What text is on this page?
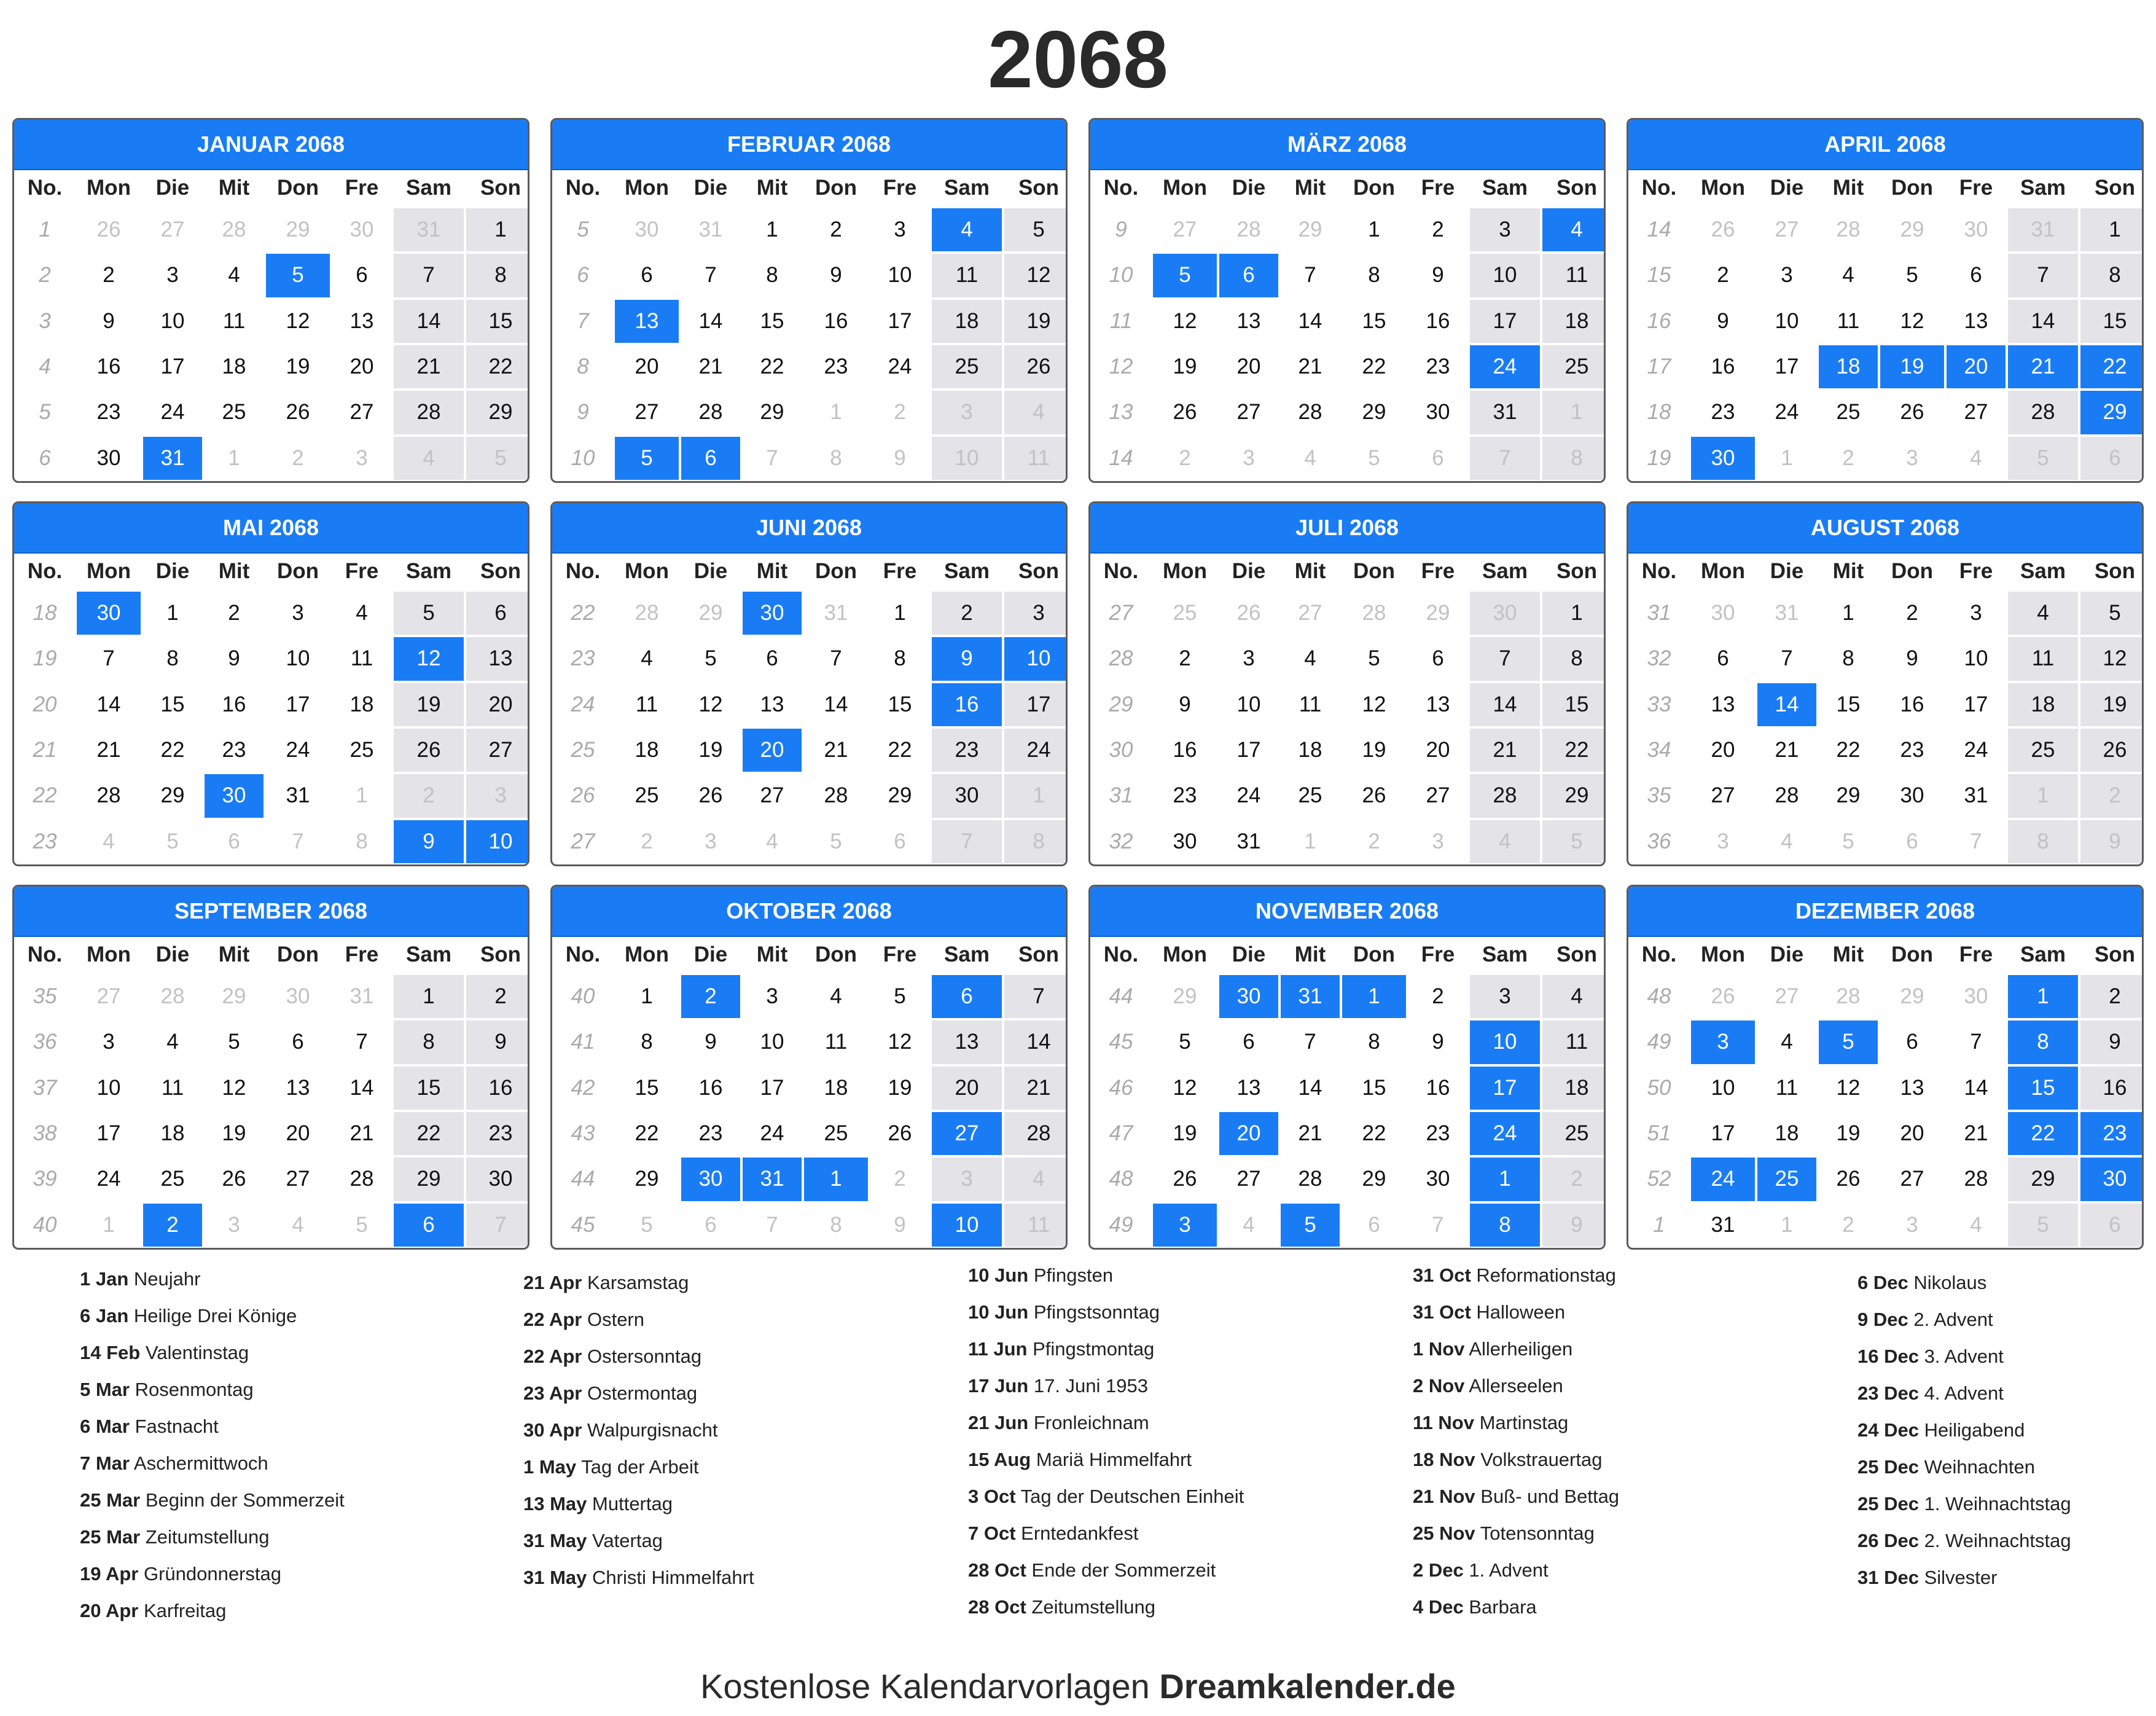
2068
JANUAR 2068
No.	Mon	Die	Mit	Don	Fre	Sam	Son
1	26	27	28	29	30	31	1
2	2	3	4	5	6	7	8
3	9	10	11	12	13	14	15
4	16	17	18	19	20	21	22
5	23	24	25	26	27	28	29
6	30	31	1	2	3	4	5
FEBRUAR 2068
No.	Mon	Die	Mit	Don	Fre	Sam	Son
5	30	31	1	2	3	4	5
6	6	7	8	9	10	11	12
7	13	14	15	16	17	18	19
8	20	21	22	23	24	25	26
9	27	28	29	1	2	3	4
10	5	6	7	8	9	10	11
MÄRZ 2068
No.	Mon	Die	Mit	Don	Fre	Sam	Son
9	27	28	29	1	2	3	4
10	5	6	7	8	9	10	11
11	12	13	14	15	16	17	18
12	19	20	21	22	23	24	25
13	26	27	28	29	30	31	1
14	2	3	4	5	6	7	8
APRIL 2068
No.	Mon	Die	Mit	Don	Fre	Sam	Son
14	26	27	28	29	30	31	1
15	2	3	4	5	6	7	8
16	9	10	11	12	13	14	15
17	16	17	18	19	20	21	22
18	23	24	25	26	27	28	29
19	30	1	2	3	4	5	6
MAI 2068
No.	Mon	Die	Mit	Don	Fre	Sam	Son
18	30	1	2	3	4	5	6
19	7	8	9	10	11	12	13
20	14	15	16	17	18	19	20
21	21	22	23	24	25	26	27
22	28	29	30	31	1	2	3
23	4	5	6	7	8	9	10
JUNI 2068
No.	Mon	Die	Mit	Don	Fre	Sam	Son
22	28	29	30	31	1	2	3
23	4	5	6	7	8	9	10
24	11	12	13	14	15	16	17
25	18	19	20	21	22	23	24
26	25	26	27	28	29	30	1
27	2	3	4	5	6	7	8
JULI 2068
No.	Mon	Die	Mit	Don	Fre	Sam	Son
27	25	26	27	28	29	30	1
28	2	3	4	5	6	7	8
29	9	10	11	12	13	14	15
30	16	17	18	19	20	21	22
31	23	24	25	26	27	28	29
32	30	31	1	2	3	4	5
AUGUST 2068
No.	Mon	Die	Mit	Don	Fre	Sam	Son
31	30	31	1	2	3	4	5
32	6	7	8	9	10	11	12
33	13	14	15	16	17	18	19
34	20	21	22	23	24	25	26
35	27	28	29	30	31	1	2
36	3	4	5	6	7	8	9
SEPTEMBER 2068
No.	Mon	Die	Mit	Don	Fre	Sam	Son
35	27	28	29	30	31	1	2
36	3	4	5	6	7	8	9
37	10	11	12	13	14	15	16
38	17	18	19	20	21	22	23
39	24	25	26	27	28	29	30
40	1	2	3	4	5	6	7
OKTOBER 2068
No.	Mon	Die	Mit	Don	Fre	Sam	Son
40	1	2	3	4	5	6	7
41	8	9	10	11	12	13	14
42	15	16	17	18	19	20	21
43	22	23	24	25	26	27	28
44	29	30	31	1	2	3	4
45	5	6	7	8	9	10	11
NOVEMBER 2068
No.	Mon	Die	Mit	Don	Fre	Sam	Son
44	29	30	31	1	2	3	4
45	5	6	7	8	9	10	11
46	12	13	14	15	16	17	18
47	19	20	21	22	23	24	25
48	26	27	28	29	30	1	2
49	3	4	5	6	7	8	9
DEZEMBER 2068
No.	Mon	Die	Mit	Don	Fre	Sam	Son
48	26	27	28	29	30	1	2
49	3	4	5	6	7	8	9
50	10	11	12	13	14	15	16
51	17	18	19	20	21	22	23
52	24	25	26	27	28	29	30
1	31	1	2	3	4	5	6
1 Jan Neujahr
6 Jan Heilige Drei Könige
14 Feb Valentinstag
5 Mar Rosenmontag
6 Mar Fastnacht
7 Mar Aschermittwoch
25 Mar Beginn der Sommerzeit
25 Mar Zeitumstellung
19 Apr Gründonnerstag
20 Apr Karfreitag
21 Apr Karsamstag
22 Apr Ostern
22 Apr Ostersonntag
23 Apr Ostermontag
30 Apr Walpurgisnacht
1 May Tag der Arbeit
13 May Muttertag
31 May Vatertag
31 May Christi Himmelfahrt
10 Jun Pfingsten
10 Jun Pfingstsonntag
11 Jun Pfingstmontag
17 Jun 17. Juni 1953
21 Jun Fronleichnam
15 Aug Mariä Himmelfahrt
3 Oct Tag der Deutschen Einheit
7 Oct Erntedankfest
28 Oct Ende der Sommerzeit
28 Oct Zeitumstellung
31 Oct Reformationstag
31 Oct Halloween
1 Nov Allerheiligen
2 Nov Allerseelen
11 Nov Martinstag
18 Nov Volkstrauertag
21 Nov Buß- und Bettag
25 Nov Totensonntag
2 Dec 1. Advent
4 Dec Barbara
6 Dec Nikolaus
9 Dec 2. Advent
16 Dec 3. Advent
23 Dec 4. Advent
24 Dec Heiligabend
25 Dec Weihnachten
25 Dec 1. Weihnachtstag
26 Dec 2. Weihnachtstag
31 Dec Silvester
Kostenlose Kalendarvorlagen Dreamkalender.de
